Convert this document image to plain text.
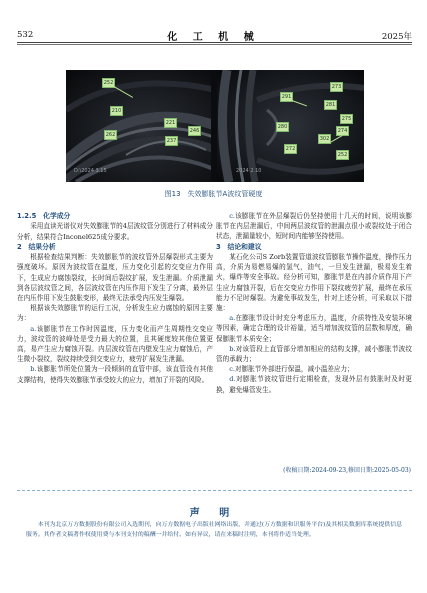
532	化 工 机 械	2025年
252
210
221
262
246
237
D:\2024 3.15
273
291
281
275
274
280
302
272
252
2024 2.10
图13　失效膨胀节A波纹管硬度
1.2.5　化学成分

采用直读光谱仪对失效膨胀节的4层波纹管分别进行了材料成分分析，结果符合Inconel625成分要求。

2　结果分析

根据检查结果判断：失效膨胀节的波纹管外层爆裂形式主要为强度破坏。原因为波纹管在温度，压力变化引起的交变应力作用下，生成应力腐蚀裂纹，长时间后裂纹扩展，发生泄漏。介质泄漏到各层波纹管之间，各层波纹管在内压作用下发生了分离，最外层在内压作用下发生鼓胀变形，最终无法承受内压发生爆裂。

根据该失效膨胀节的运行工况，分析发生应力腐蚀的原因主要为：

a.该膨胀节在工作时因温度，压力变化而产生周期性交变应力，波纹管的波峰处是受力最大的位置，且其硬度较其他位置更高，易产生应力腐蚀开裂。内层波纹管在内壁发生应力腐蚀后，产生微小裂纹，裂纹持续受到交变应力，疲劳扩展发生泄漏。

b.该膨胀节所处位置为一段倾斜的直管中部，该直管没有其他支撑结构，使得失效膨胀节承受较大的应力，增加了开裂的风险。

c.该膨胀节在外层爆裂后仍坚持使用十几天的时间，说明该膨胀节在内层泄漏后，中间两层波纹管的泄漏点很小或裂纹处于闭合状态，泄漏量较小，短时间内能够坚持使用。

3　结论和建议

某石化公司S Zorb装置管道波纹管膨胀节操作温度，操作压力高，介质为易燃易爆的氢气，油气，一旦发生泄漏，极易发生着火，爆炸等安全事故。经分析可知，膨胀节是在内部介质作用下产生应力腐蚀开裂，后在交变应力作用下裂纹疲劳扩展，最终在承压能力不足时爆裂。为避免事故发生，针对上述分析，可采取以下措施：

a.在膨胀节设计时充分考虑压力，温度，介质特性及安装环境等因素，确定合理的设计裕量，适当增加波纹管的层数和厚度，确保膨胀节本质安全；

b.对该管段上直管部分增加相应的结构支撑，减小膨胀节波纹管的承载力；

c.对膨胀节外部进行保温，减小温差应力；

d.对膨胀节波纹管进行定期检查，发现外层有鼓胀时及时更换，避免爆管发生。

(收稿日期:2024-09-23,修回日期:2025-05-03)
声 明
本刊为北京万方数据股份有限公司入选期刊，向万方数据电子出版社网络出版，并通过(万方数据和识服务平台)及其相关数据库系统提供信息服务。其作者文稿著作权使用费与本刊支付的稿酬一并给付。如有异议，请在来稿时注明，本刊将作适当处理。
